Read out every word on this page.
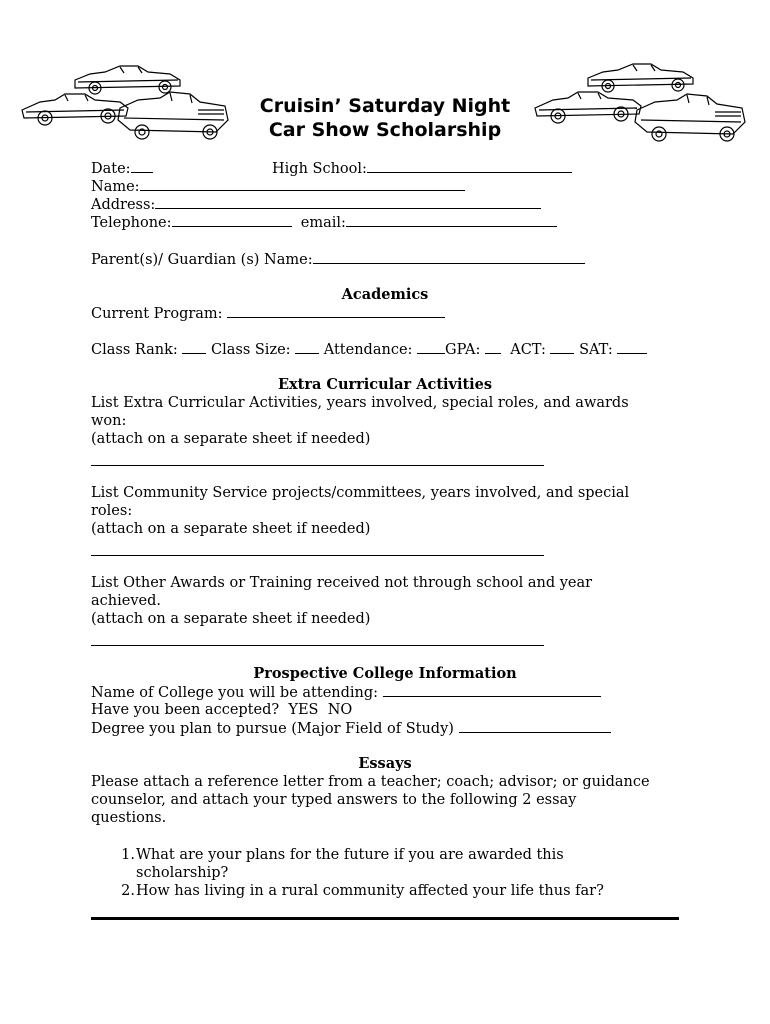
Cruisin’ Saturday Night
Car Show Scholarship
Date:	High School:
Name:
Address:
Telephone:	email:
Parent(s)/ Guardian (s) Name:
Academics
Current Program:
Class Rank: Class Size: Attendance: GPA: ACT: SAT:
Extra Curricular Activities
List Extra Curricular Activities, years involved, special roles, and awards
won:
(attach on a separate sheet if needed)
List Community Service projects/committees, years involved, and special
roles:
(attach on a separate sheet if needed)
List Other Awards or Training received not through school and year
achieved.
(attach on a separate sheet if needed)
Prospective College Information
Name of College you will be attending:
Have you been accepted? YES NO
Degree you plan to pursue (Major Field of Study)
Essays
Please attach a reference letter from a teacher; coach; advisor; or guidance
counselor, and attach your typed answers to the following 2 essay
questions.
1.What are your plans for the future if you are awarded this
scholarship?
2.How has living in a rural community affected your life thus far?
